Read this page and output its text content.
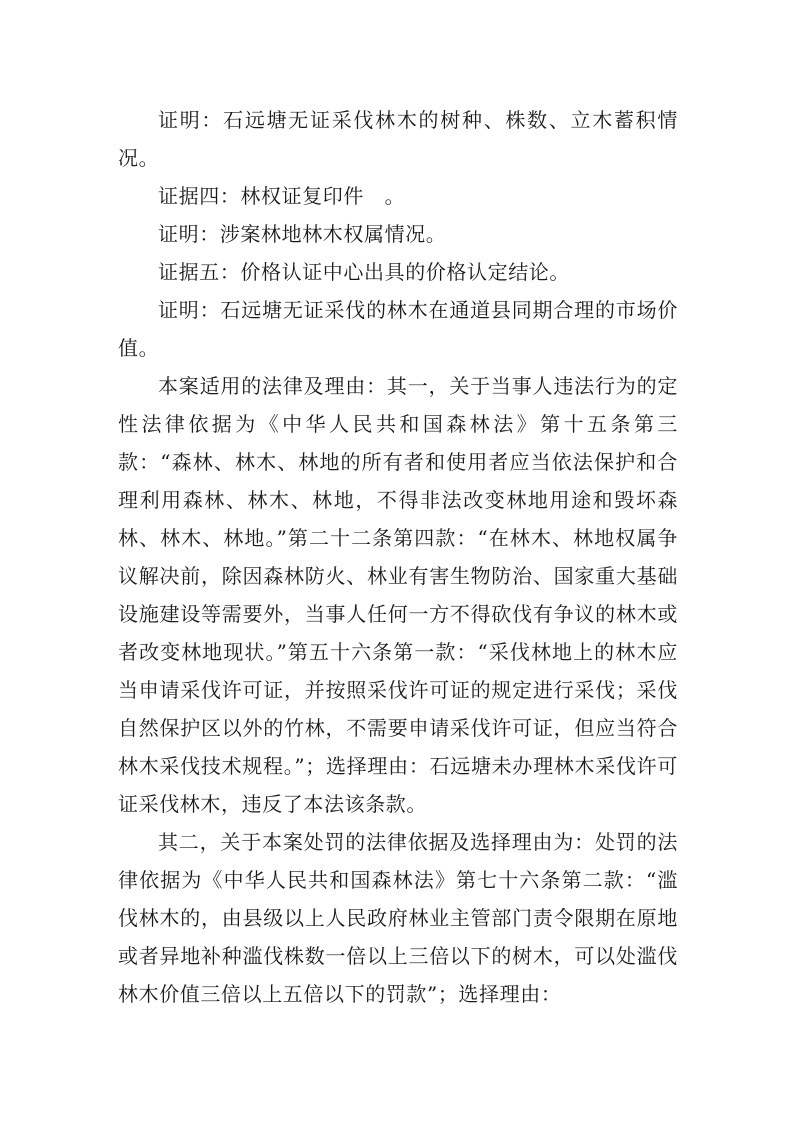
证明：石远塘无证采伐林木的树种、株数、立木蓄积情况。

证据四：林权证复印件　。

证明：涉案林地林木权属情况。

证据五：价格认证中心出具的价格认定结论。

证明：石远塘无证采伐的林木在通道县同期合理的市场价值。

本案适用的法律及理由：其一，关于当事人违法行为的定性法律依据为《中华人民共和国森林法》第十五条第三款：“森林、林木、林地的所有者和使用者应当依法保护和合理利用森林、林木、林地，不得非法改变林地用途和毁坏森林、林木、林地。”第二十二条第四款：“在林木、林地权属争议解决前，除因森林防火、林业有害生物防治、国家重大基础设施建设等需要外，当事人任何一方不得砍伐有争议的林木或者改变林地现状。”第五十六条第一款：“采伐林地上的林木应当申请采伐许可证，并按照采伐许可证的规定进行采伐；采伐自然保护区以外的竹林，不需要申请采伐许可证，但应当符合林木采伐技术规程。”；选择理由：石远塘未办理林木采伐许可证采伐林木，违反了本法该条款。

其二，关于本案处罚的法律依据及选择理由为：处罚的法律依据为《中华人民共和国森林法》第七十六条第二款：“滥伐林木的，由县级以上人民政府林业主管部门责令限期在原地或者异地补种滥伐株数一倍以上三倍以下的树木，可以处滥伐林木价值三倍以上五倍以下的罚款”；选择理由：
